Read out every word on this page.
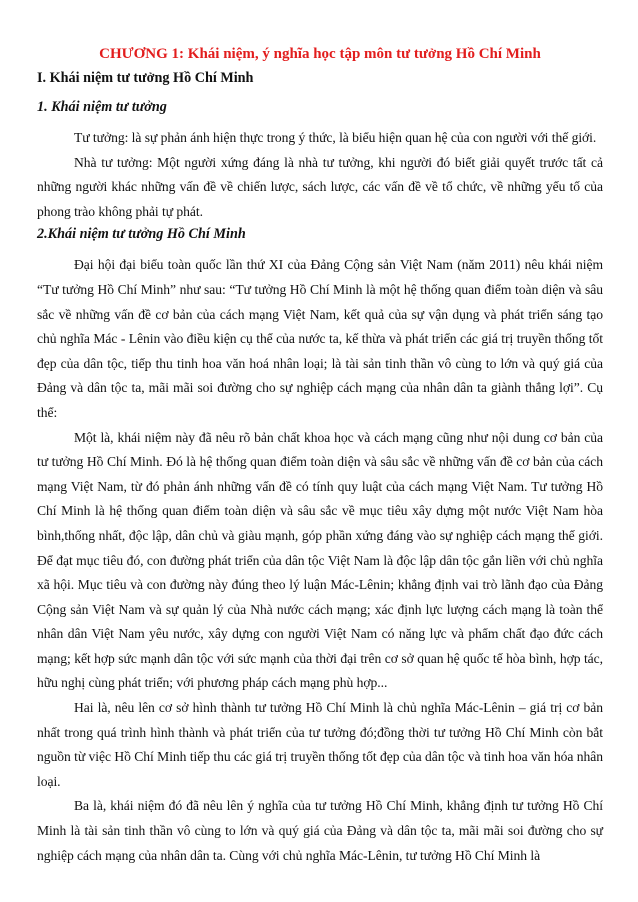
CHƯƠNG 1: Khái niệm, ý nghĩa học tập môn tư tưởng Hồ Chí Minh
I. Khái niệm tư tưởng Hồ Chí Minh
1. Khái niệm tư tưởng

Tư tưởng: là sự phản ánh hiện thực trong ý thức, là biểu hiện quan hệ của con người với thế giới.

Nhà tư tưởng: Một người xứng đáng là nhà tư tưởng, khi người đó biết giải quyết trước tất cả những người khác những vấn đề về chiến lược, sách lược, các vấn đề về tổ chức, về những yếu tố của phong trào không phải tự phát.

2.Khái niệm tư tưởng Hồ Chí Minh

Đại hội đại biểu toàn quốc lần thứ XI của Đảng Cộng sản Việt Nam (năm 2011) nêu khái niệm “Tư tưởng Hồ Chí Minh” như sau: “Tư tưởng Hồ Chí Minh là một hệ thống quan điểm toàn diện và sâu sắc về những vấn đề cơ bản của cách mạng Việt Nam, kết quả của sự vận dụng và phát triển sáng tạo chủ nghĩa Mác - Lênin vào điều kiện cụ thể của nước ta, kế thừa và phát triển các giá trị truyền thống tốt đẹp của dân tộc, tiếp thu tinh hoa văn hoá nhân loại; là tài sản tinh thần vô cùng to lớn và quý giá của Đảng và dân tộc ta, mãi mãi soi đường cho sự nghiệp cách mạng của nhân dân ta giành thắng lợi”. Cụ thể:

Một là, khái niệm này đã nêu rõ bản chất khoa học và cách mạng cũng như nội dung cơ bản của tư tưởng Hồ Chí Minh. Đó là hệ thống quan điểm toàn diện và sâu sắc về những vấn đề cơ bản của cách mạng Việt Nam, từ đó phản ánh những vấn đề có tính quy luật của cách mạng Việt Nam. Tư tưởng Hồ Chí Minh là hệ thống quan điểm toàn diện và sâu sắc về mục tiêu xây dựng một nước Việt Nam hòa bình,thống nhất, độc lập, dân chủ và giàu mạnh, góp phần xứng đáng vào sự nghiệp cách mạng thế giới. Để đạt mục tiêu đó, con đường phát triển của dân tộc Việt Nam là độc lập dân tộc gắn liền với chủ nghĩa xã hội. Mục tiêu và con đường này đúng theo lý luận Mác-Lênin; khẳng định vai trò lãnh đạo của Đảng Cộng sản Việt Nam và sự quản lý của Nhà nước cách mạng; xác định lực lượng cách mạng là toàn thể nhân dân Việt Nam yêu nước, xây dựng con người Việt Nam có năng lực và phẩm chất đạo đức cách mạng; kết hợp sức mạnh dân tộc với sức mạnh của thời đại trên cơ sở quan hệ quốc tế hòa bình, hợp tác, hữu nghị cùng phát triển; với phương pháp cách mạng phù hợp...

Hai là, nêu lên cơ sở hình thành tư tưởng Hồ Chí Minh là chủ nghĩa Mác-Lênin – giá trị cơ bản nhất trong quá trình hình thành và phát triển của tư tưởng đó;đồng thời tư tưởng Hồ Chí Minh còn bắt nguồn từ việc Hồ Chí Minh tiếp thu các giá trị truyền thống tốt đẹp của dân tộc và tinh hoa văn hóa nhân loại.

Ba là, khái niệm đó đã nêu lên ý nghĩa của tư tưởng Hồ Chí Minh, khẳng định tư tưởng Hồ Chí Minh là tài sản tinh thần vô cùng to lớn và quý giá của Đảng và dân tộc ta, mãi mãi soi đường cho sự nghiệp cách mạng của nhân dân ta. Cùng với chủ nghĩa Mác-Lênin, tư tưởng Hồ Chí Minh là
